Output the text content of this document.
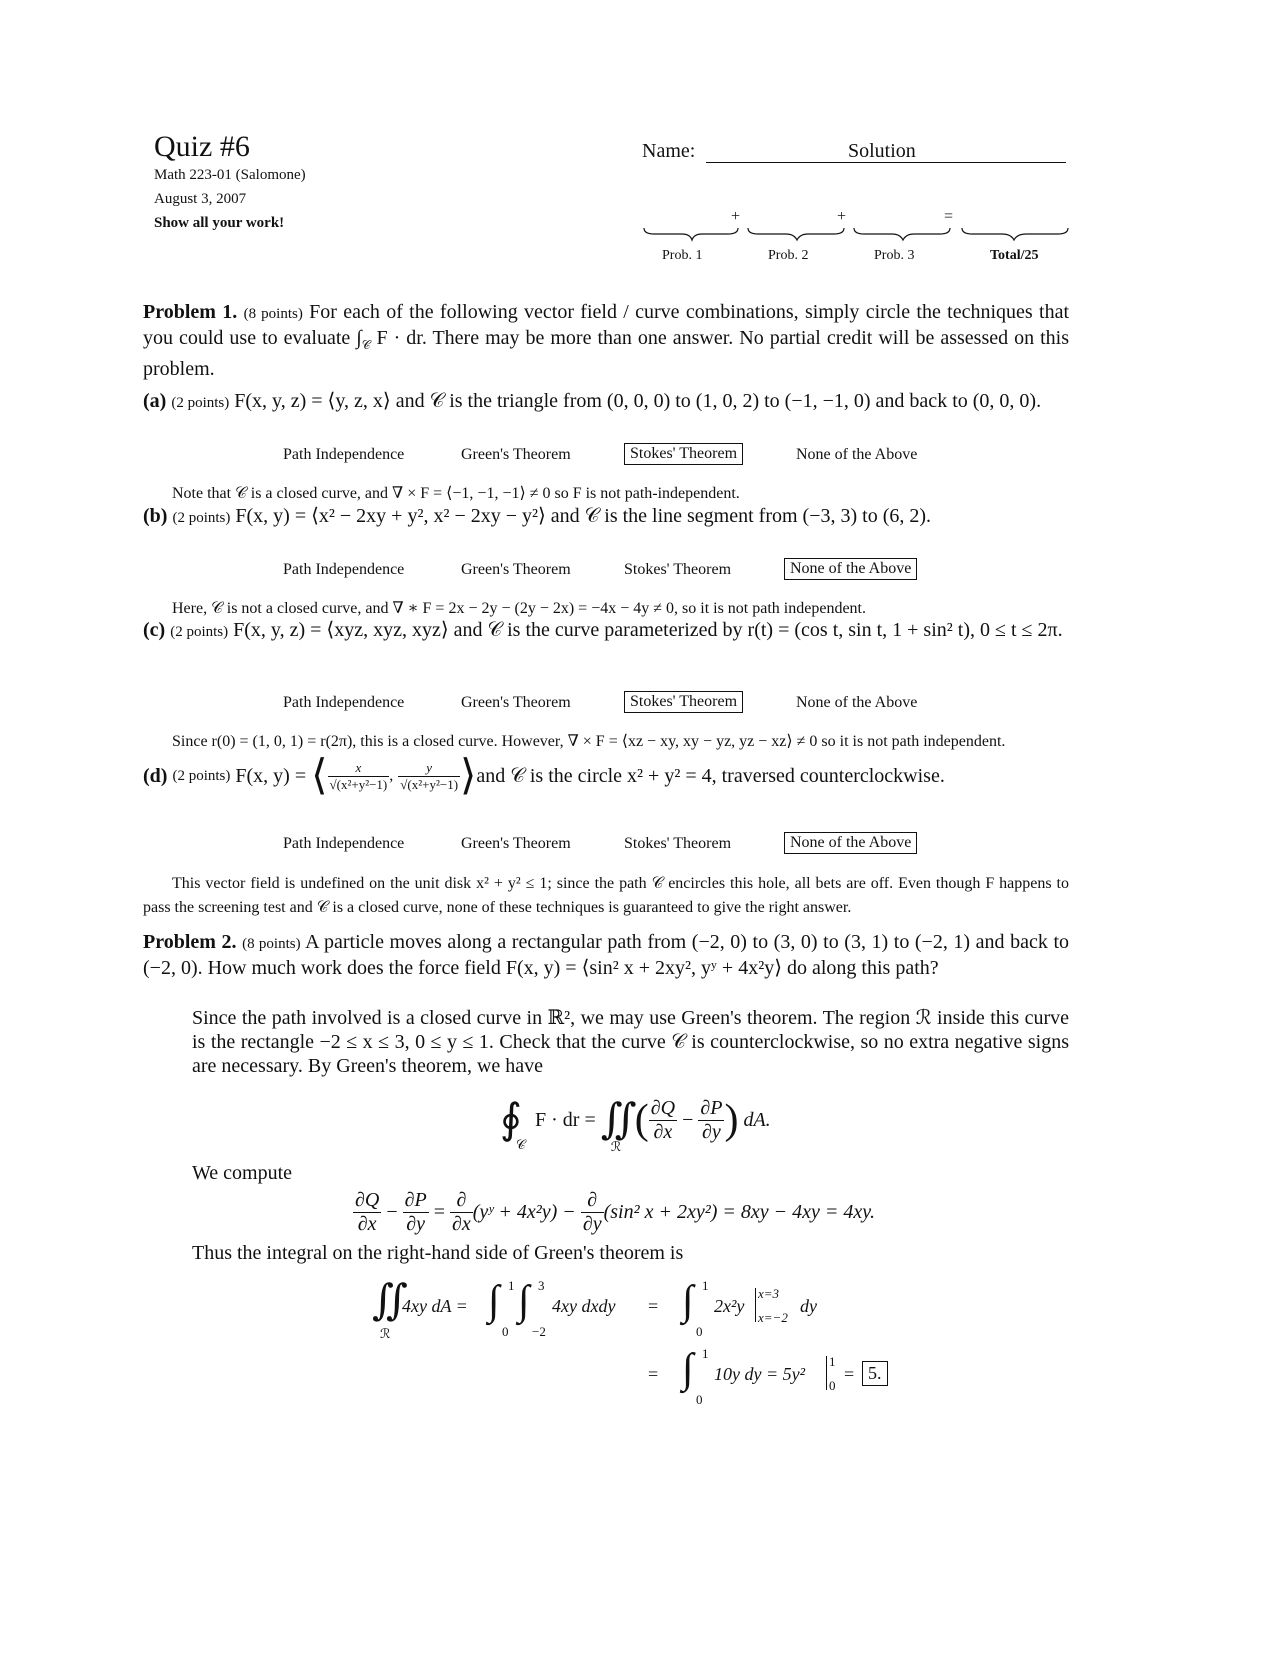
Quiz #6
Math 223-01 (Salomone)
August 3, 2007
Show all your work!
Name:	Solution
+	+	=
Prob. 1	Prob. 2	Prob. 3	Total/25
Problem 1. (8 points) For each of the following vector field / curve combinations, simply circle the techniques that you could use to evaluate $\int_𝒞$ F · dr. There may be more than one answer. No partial credit will be assessed on this problem.
(a) (2 points) F(x, y, z) = ⟨y, z, x⟩ and 𝒞 is the triangle from (0, 0, 0) to (1, 0, 2) to (−1, −1, 0) and back to (0, 0, 0).
Path Independence	Green's Theorem	Stokes' Theorem	None of the Above
Note that 𝒞 is a closed curve, and ∇ × F = ⟨−1, −1, −1⟩ ≠ 0 so F is not path-independent.
(b) (2 points) F(x, y) = ⟨x² − 2xy + y², x² − 2xy − y²⟩ and 𝒞 is the line segment from (−3, 3) to (6, 2).
Path Independence	Green's Theorem	Stokes' Theorem	None of the Above
Here, 𝒞 is not a closed curve, and ∇ ∗ F = 2x − 2y − (2y − 2x) = −4x − 4y ≠ 0, so it is not path independent.
(c) (2 points) F(x, y, z) = ⟨xyz, xyz, xyz⟩ and 𝒞 is the curve parameterized by r(t) = (cos t, sin t, 1 + sin² t), 0 ≤ t ≤ 2π.
Path Independence	Green's Theorem	Stokes' Theorem	None of the Above
Since r(0) = (1, 0, 1) = r(2π), this is a closed curve. However, ∇ × F = ⟨xz − xy, xy − yz, yz − xz⟩ ≠ 0 so it is not path independent.
(d)
(2 points)
F(x, y) =
⟨ $\frac{x}{\text{√(x²+y²−1)}}$ ,
$\frac{y}{\text{√(x²+y²−1)}}$ ⟩ and 𝒞 is the circle x² + y² = 4, traversed counterclockwise.
Path Independence	Green's Theorem	Stokes' Theorem	None of the Above
This vector field is undefined on the unit disk x² + y² ≤ 1; since the path 𝒞 encircles this hole, all bets are off. Even though F happens to pass the screening test and 𝒞 is a closed curve, none of these techniques is guaranteed to give the right answer.
Problem 2. (8 points) A particle moves along a rectangular path from (−2, 0) to (3, 0) to (3, 1) to (−2, 1) and back to (−2, 0). How much work does the force field F(x, y) = ⟨sin² x + 2xy², yʸ + 4x²y⟩ do along this path?
Since the path involved is a closed curve in ℝ², we may use Green's theorem. The region ℛ inside this curve is the rectangle −2 ≤ x ≤ 3, 0 ≤ y ≤ 1. Check that the curve 𝒞 is counterclockwise, so no extra negative signs are necessary. By Green's theorem, we have
∮
𝒞

F · dr =
∬
ℛ
( $\frac{\partial Q}{\partial x} - \frac{\partial P}{\partial y}$ )
dA.
We compute
$\frac{\partial Q}{\partial x} - \frac{\partial P}{\partial y} = \frac{\partial}{\partial x}$ (yʸ + 4x²y) −
$\frac{\partial}{\partial y} (\sin^2$ x + 2xy²) = 8xy − 4xy = 4xy.
Thus the integral on the right-hand side of Green's theorem is
∬
ℛ
4xy dA = ∫ 1
0
∫ 3
−2
4xy dxdy = ∫ 1
0
2x²y
x=3
x=−2
dy
= ∫ 1
0
10y dy = 5y²
1
0
= 5.
